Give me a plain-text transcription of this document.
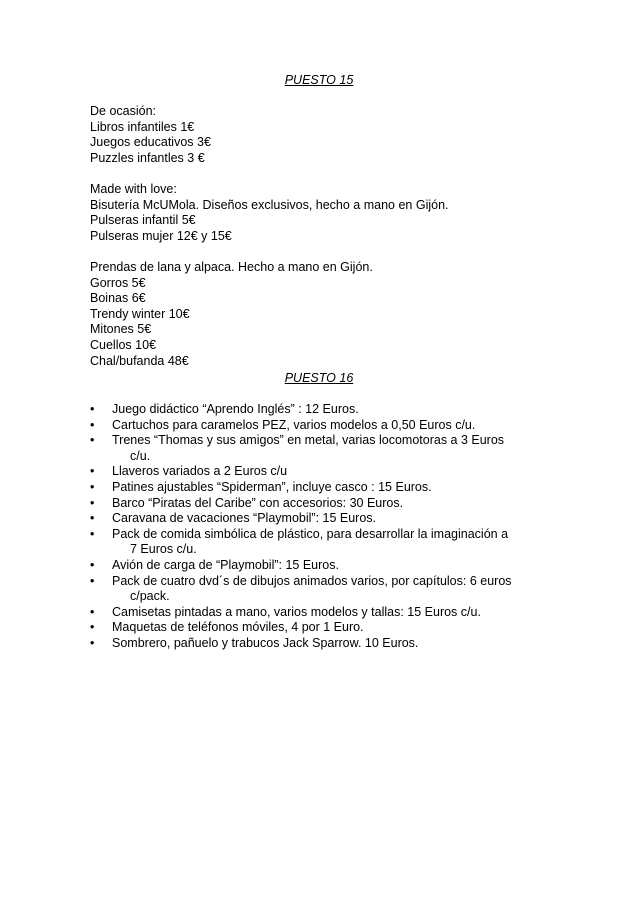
PUESTO 15
De ocasión:
Libros infantiles 1€
Juegos educativos 3€
Puzzles infantles 3 €
Made with love:
Bisutería McUMola. Diseños exclusivos, hecho a mano en Gijón.
Pulseras infantil 5€
Pulseras mujer 12€ y 15€
Prendas de lana y alpaca. Hecho a mano en Gijón.
Gorros 5€
Boinas 6€
Trendy winter 10€
Mitones 5€
Cuellos 10€
Chal/bufanda 48€
PUESTO 16
•	Juego didáctico “Aprendo Inglés” : 12 Euros.
•	Cartuchos para caramelos PEZ, varios modelos a 0,50 Euros c/u.
•	Trenes “Thomas y sus amigos” en metal, varias locomotoras a 3 Euros
c/u.
•	Llaveros variados a 2 Euros c/u
•	Patines ajustables “Spiderman”, incluye casco : 15 Euros.
•	Barco “Piratas del Caribe” con accesorios: 30 Euros.
•	Caravana de vacaciones “Playmobil”: 15 Euros.
•	Pack de comida simbólica de plástico, para desarrollar la imaginación a
7 Euros c/u.
•	Avión de carga de “Playmobil”: 15 Euros.
•	Pack de cuatro dvd´s de dibujos animados varios, por capítulos: 6 euros
c/pack.
•	Camisetas pintadas a mano, varios modelos y tallas: 15 Euros c/u.
•	Maquetas de teléfonos móviles, 4 por 1 Euro.
•	Sombrero, pañuelo y trabucos Jack Sparrow. 10 Euros.
